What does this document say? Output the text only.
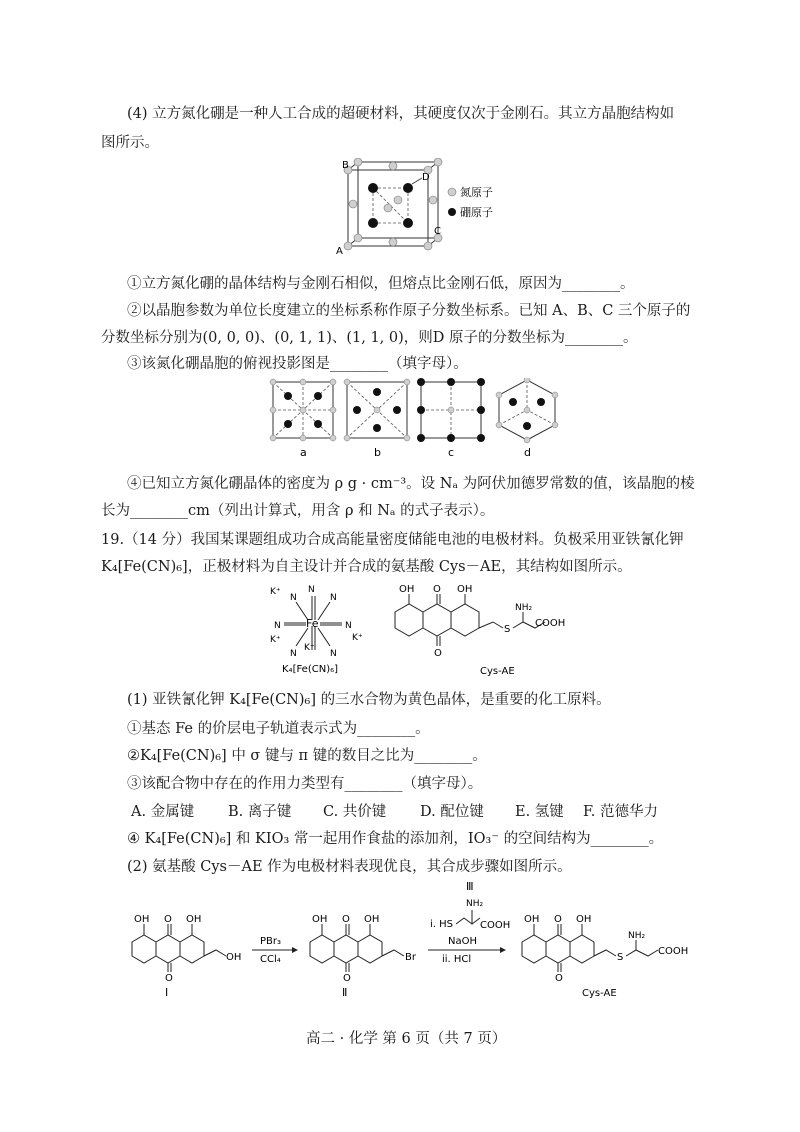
(4) 立方氮化硼是一种人工合成的超硬材料，其硬度仅次于金刚石。其立方晶胞结构如
图所示。
B
D
A
C
氮原子
硼原子
①立方氮化硼的晶体结构与金刚石相似，但熔点比金刚石低，原因为________。
②以晶胞参数为单位长度建立的坐标系称作原子分数坐标系。已知 A、B、C 三个原子的
分数坐标分别为(0, 0, 0)、(0, 1, 1)、(1, 1, 0)，则D 原子的分数坐标为________。
③该氮化硼晶胞的俯视投影图是________（填字母）。
a	b	c	d
④已知立方氮化硼晶体的密度为 ρ g · cm⁻³。设 Nₐ 为阿伏加德罗常数的值，该晶胞的棱
长为________cm（列出计算式，用含 ρ 和 Nₐ 的式子表示）。
19.（14 分）我国某课题组成功合成高能量密度储能电池的电极材料。负极采用亚铁氰化钾
K₄[Fe(CN)₆]，正极材料为自主设计并合成的氨基酸 Cys－AE，其结构如图所示。
Fe
N
N	N
N	N
N	N
K⁺
K⁺
K⁺
K⁺
K₄[Fe(CN)₆]
OH O OH
S
NH₂
COOH
O
Cys-AE
(1) 亚铁氰化钾 K₄[Fe(CN)₆] 的三水合物为黄色晶体，是重要的化工原料。
①基态 Fe 的价层电子轨道表示式为________。
②K₄[Fe(CN)₆] 中 σ 键与 π 键的数目之比为________。
③该配合物中存在的作用力类型有________（填字母）。
A. 金属键 B. 离子键 C. 共价键 D. 配位键 E. 氢键 F. 范德华力
④ K₄[Fe(CN)₆] 和 KIO₃ 常一起用作食盐的添加剂，IO₃⁻ 的空间结构为________。
(2) 氨基酸 Cys－AE 作为电极材料表现优良，其合成步骤如图所示。
OH O OH
OH
O
Ⅰ
PBr₃
CCl₄
OH O OH
Br
O
Ⅱ
Ⅲ
NH₂
i. HS	COOH
NaOH
ii. HCl
OH O OH
S
NH₂
COOH
O
Cys-AE
高二 · 化学 第 6 页（共 7 页）
